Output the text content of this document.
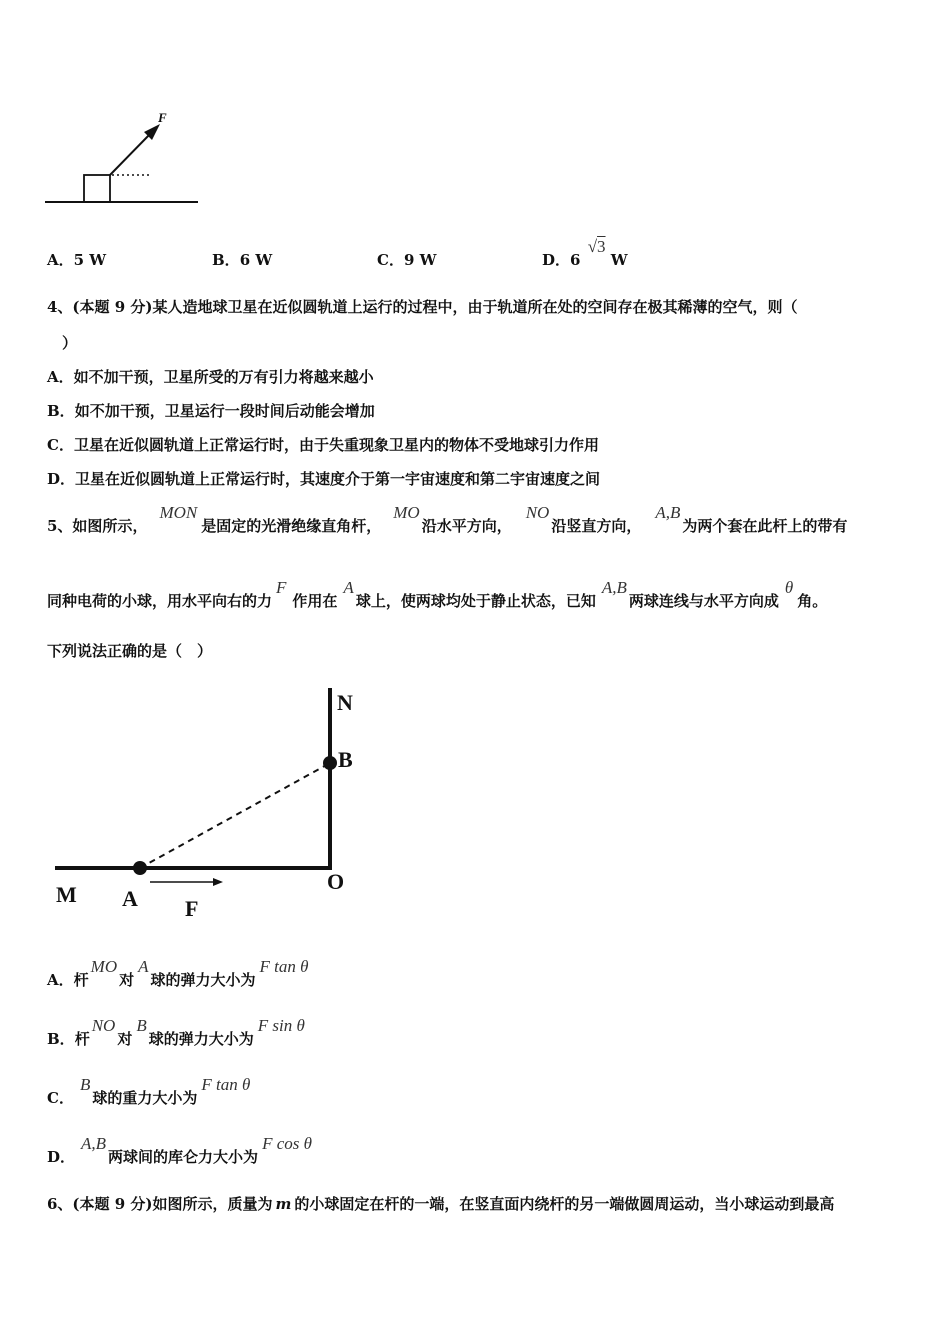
F
A．5 W	B．6 W	C．9 W	D．6 √3 W
4、(本题 9 分)某人造地球卫星在近似圆轨道上运行的过程中，由于轨道所在处的空间存在极其稀薄的空气，则（
）
A．如不加干预，卫星所受的万有引力将越来越小
B．如不加干预，卫星运行一段时间后动能会增加
C．卫星在近似圆轨道上正常运行时，由于失重现象卫星内的物体不受地球引力作用
D．卫星在近似圆轨道上正常运行时，其速度介于第一宇宙速度和第二宇宙速度之间
5、如图所示，MON是固定的光滑绝缘直角杆，MO沿水平方向，NO沿竖直方向，A,B为两个套在此杆上的带有
同种电荷的小球，用水平向右的力F作用在A球上，使两球均处于静止状态，已知A,B两球连线与水平方向成θ角。
下列说法正确的是（　）
N
B
M A
O
F
A．杆MO对A球的弹力大小为F tan θ
B．杆NO对B球的弹力大小为F sin θ
C．B球的重力大小为F tan θ
D．A,B两球间的库仑力大小为F cos θ
6、(本题 9 分)如图所示，质量为 m 的小球固定在杆的一端，在竖直面内绕杆的另一端做圆周运动，当小球运动到最高
